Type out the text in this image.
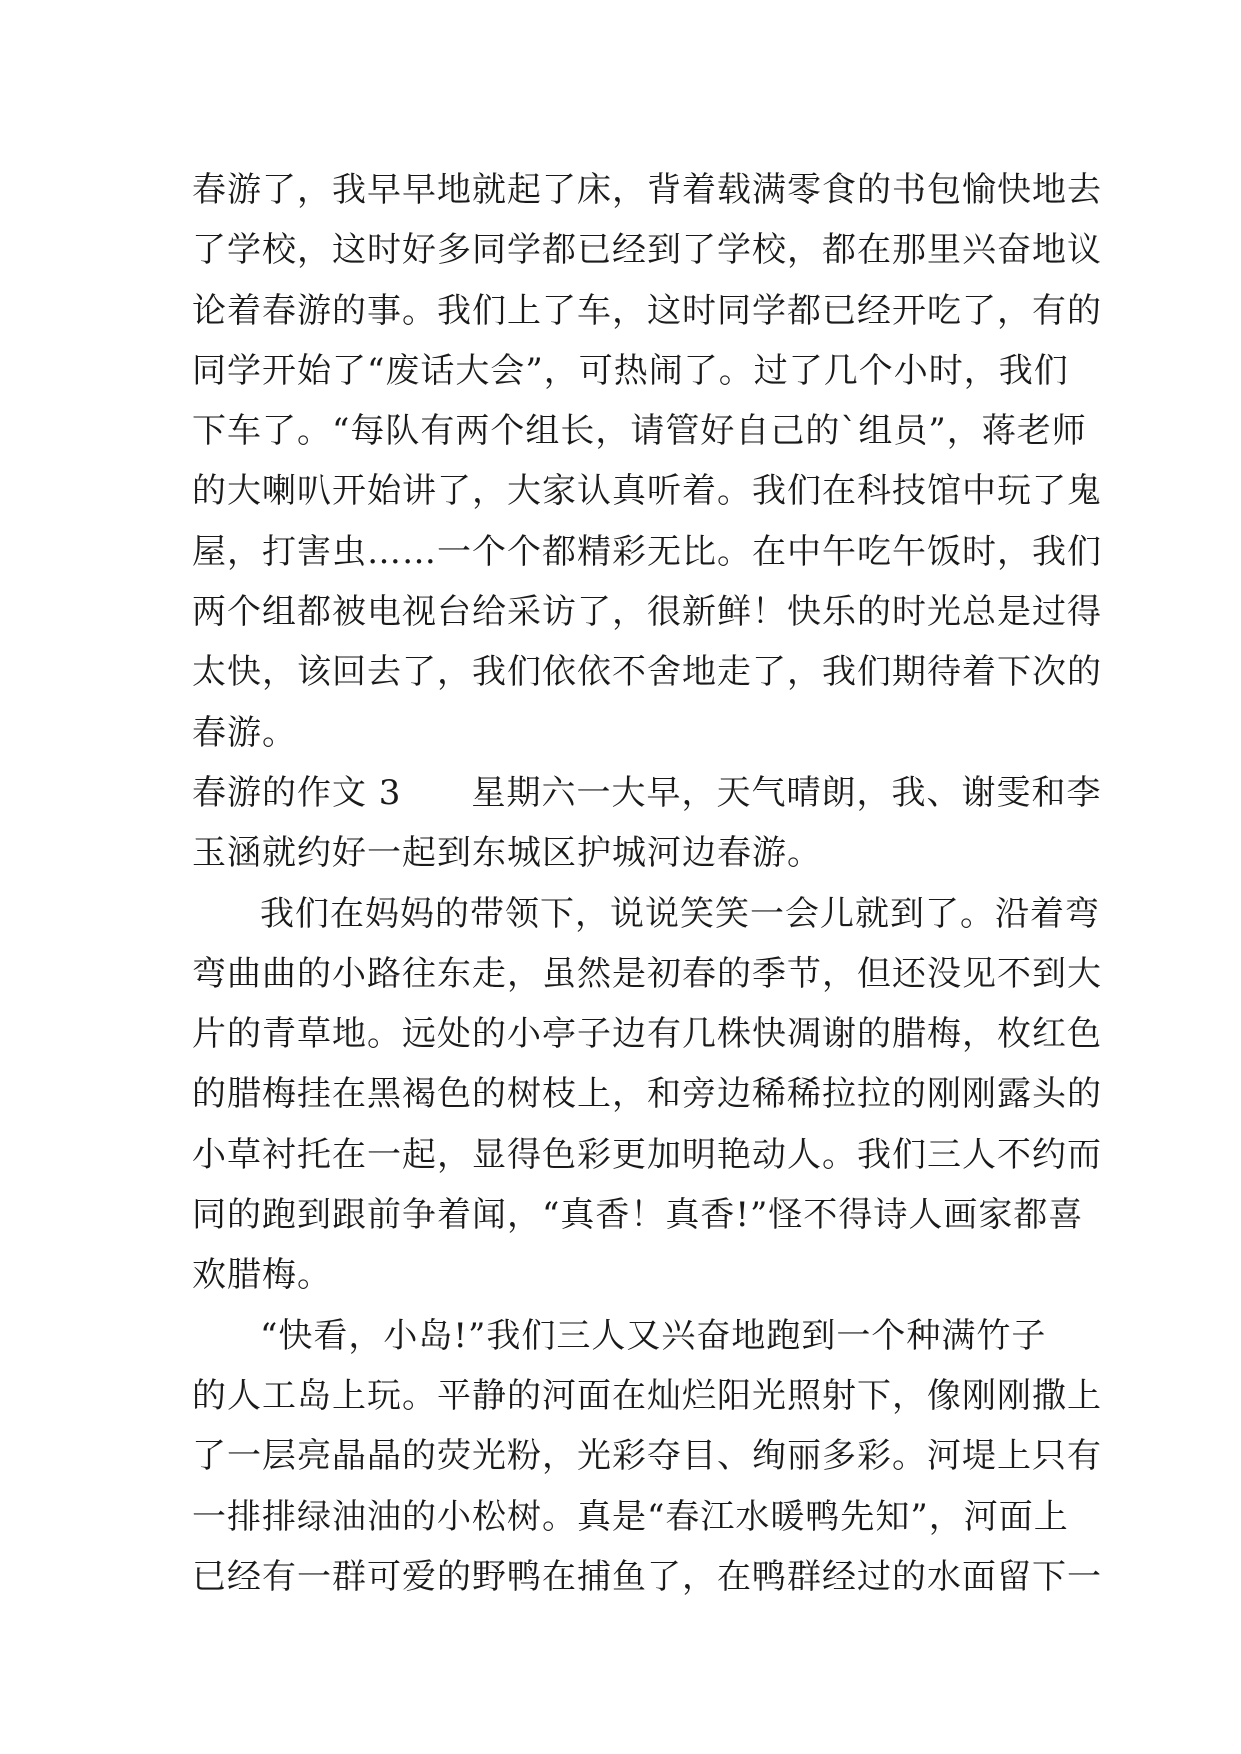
春游了，我早早地就起了床，背着载满零食的书包愉快地去
了学校，这时好多同学都已经到了学校，都在那里兴奋地议
论着春游的事。我们上了车，这时同学都已经开吃了，有的
同学开始了“废话大会”，可热闹了。过了几个小时，我们
下车了。“每队有两个组长，请管好自己的`组员”，蒋老师
的大喇叭开始讲了，大家认真听着。我们在科技馆中玩了鬼
屋，打害虫……一个个都精彩无比。在中午吃午饭时，我们
两个组都被电视台给采访了，很新鲜！快乐的时光总是过得
太快，该回去了，我们依依不舍地走了，我们期待着下次的
春游。
春游的作文 3 星期六一大早，天气晴朗，我、谢雯和李
玉涵就约好一起到东城区护城河边春游。
我们在妈妈的带领下，说说笑笑一会儿就到了。沿着弯
弯曲曲的小路往东走，虽然是初春的季节，但还没见不到大
片的青草地。远处的小亭子边有几株快凋谢的腊梅，枚红色
的腊梅挂在黑褐色的树枝上，和旁边稀稀拉拉的刚刚露头的
小草衬托在一起，显得色彩更加明艳动人。我们三人不约而
同的跑到跟前争着闻，“真香！真香!”怪不得诗人画家都喜
欢腊梅。
“快看，小岛!”我们三人又兴奋地跑到一个种满竹子
的人工岛上玩。平静的河面在灿烂阳光照射下，像刚刚撒上
了一层亮晶晶的荧光粉，光彩夺目、绚丽多彩。河堤上只有
一排排绿油油的小松树。真是“春江水暖鸭先知”，河面上
已经有一群可爱的野鸭在捕鱼了，在鸭群经过的水面留下一
